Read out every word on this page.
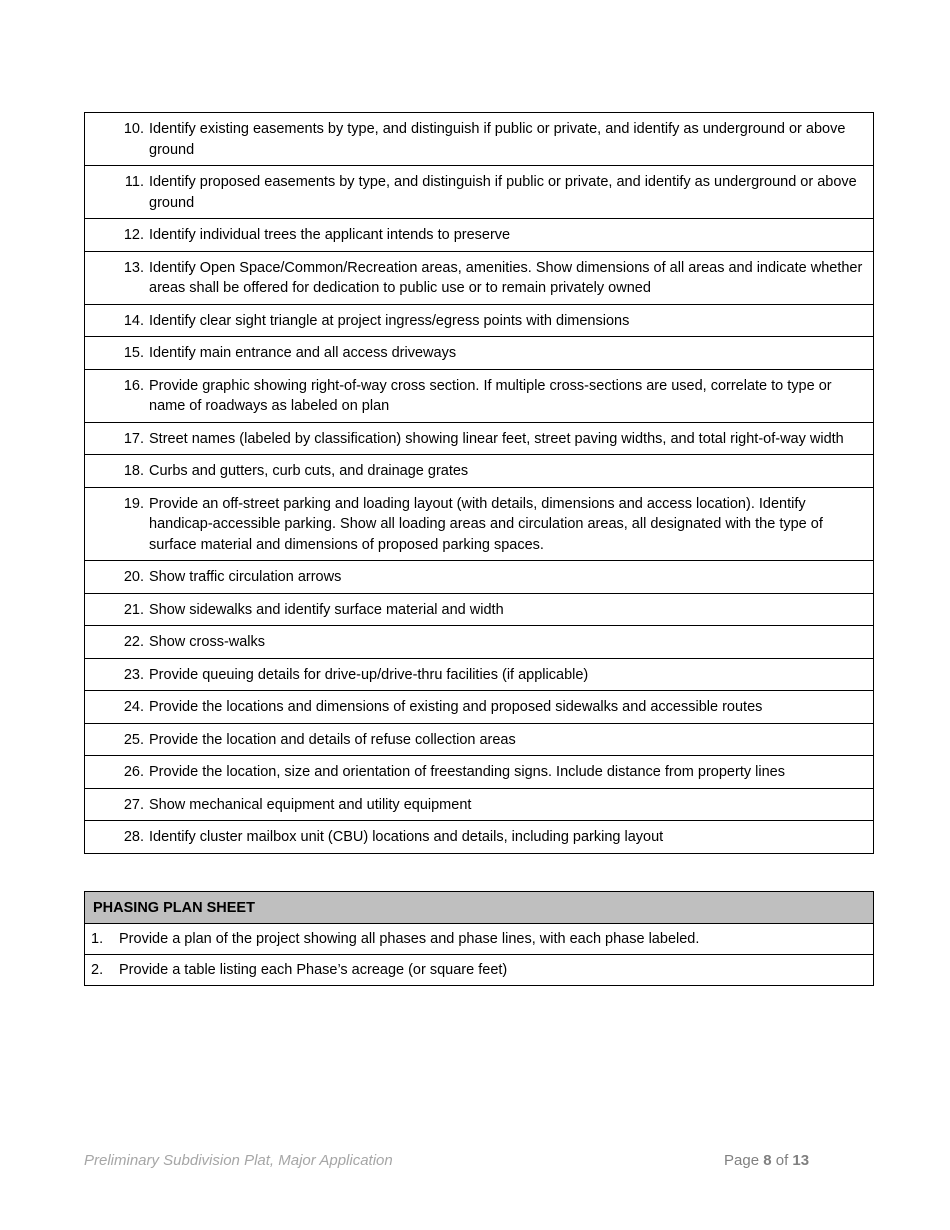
10. Identify existing easements by type, and distinguish if public or private, and identify as underground or above ground

11. Identify proposed easements by type, and distinguish if public or private, and identify as underground or above ground

12. Identify individual trees the applicant intends to preserve

13. Identify Open Space/Common/Recreation areas, amenities. Show dimensions of all areas and indicate whether areas shall be offered for dedication to public use or to remain privately owned

14. Identify clear sight triangle at project ingress/egress points with dimensions

15. Identify main entrance and all access driveways

16. Provide graphic showing right-of-way cross section. If multiple cross-sections are used, correlate to type or name of roadways as labeled on plan

17. Street names (labeled by classification) showing linear feet, street paving widths, and total right-of-way width

18. Curbs and gutters, curb cuts, and drainage grates

19. Provide an off-street parking and loading layout (with details, dimensions and access location). Identify handicap-accessible parking. Show all loading areas and circulation areas, all designated with the type of surface material and dimensions of proposed parking spaces.

20. Show traffic circulation arrows

21. Show sidewalks and identify surface material and width

22. Show cross-walks

23. Provide queuing details for drive-up/drive-thru facilities (if applicable)

24. Provide the locations and dimensions of existing and proposed sidewalks and accessible routes

25. Provide the location and details of refuse collection areas

26. Provide the location, size and orientation of freestanding signs. Include distance from property lines

27. Show mechanical equipment and utility equipment

28. Identify cluster mailbox unit (CBU) locations and details, including parking layout
PHASING PLAN SHEET

1.	Provide a plan of the project showing all phases and phase lines, with each phase labeled.

2.	Provide a table listing each Phase’s acreage (or square feet)
Preliminary Subdivision Plat, Major Application	Page 8 of 13
